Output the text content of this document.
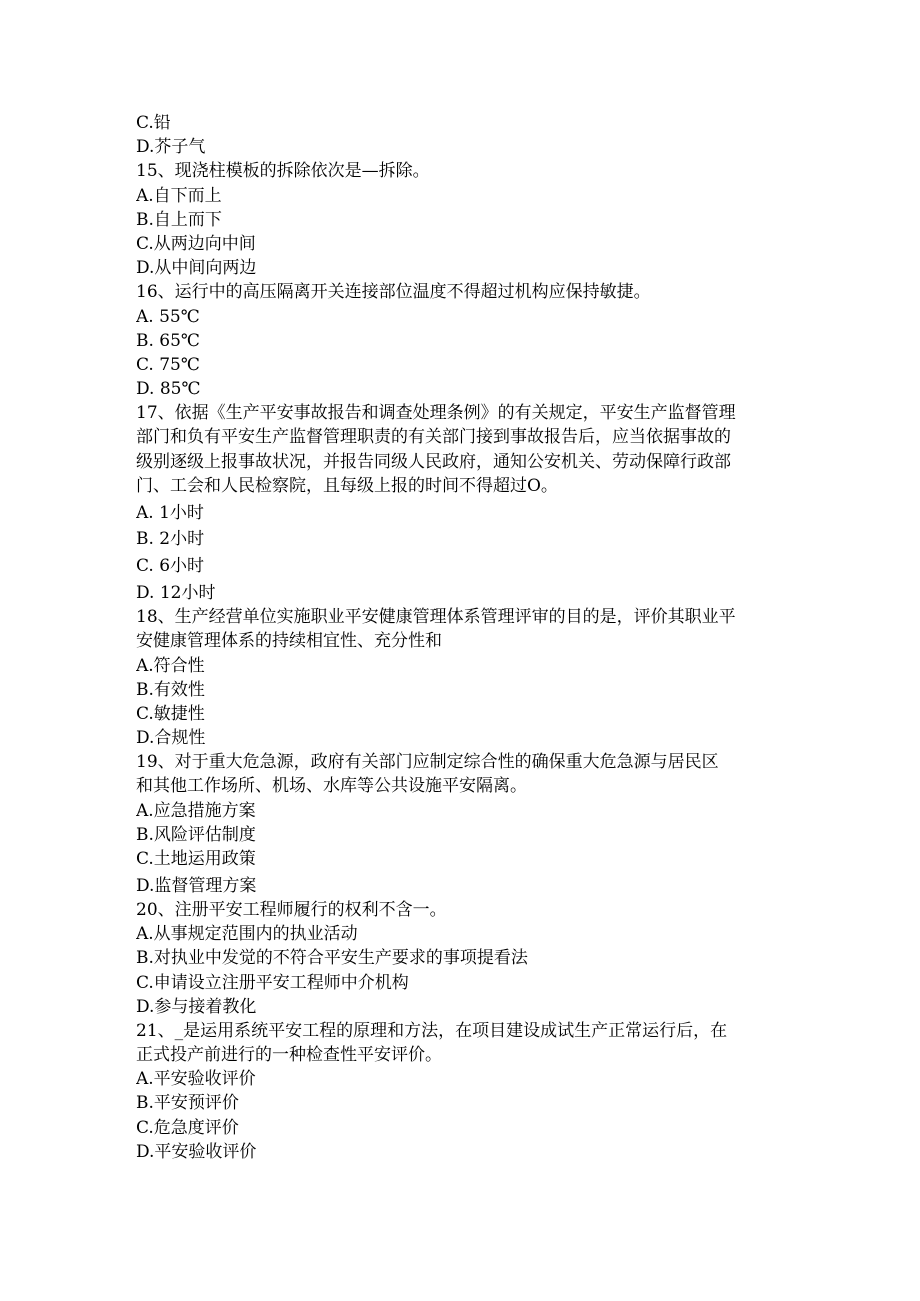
C.铅
D.芥子气
15、现浇柱模板的拆除依次是—拆除。
A.自下而上
B.自上而下
C.从两边向中间
D.从中间向两边
16、运行中的高压隔离开关连接部位温度不得超过机构应保持敏捷。
A. 55℃
B. 65℃
C. 75℃
D. 85℃
17、依据《生产平安事故报告和调查处理条例》的有关规定，平安生产监督管理
部门和负有平安生产监督管理职责的有关部门接到事故报告后，应当依据事故的
级别逐级上报事故状况，并报告同级人民政府，通知公安机关、劳动保障行政部
门、工会和人民检察院，且每级上报的时间不得超过O。
A. 1小时
B. 2小时
C. 6小时
D. 12小时
18、生产经营单位实施职业平安健康管理体系管理评审的目的是，评价其职业平
安健康管理体系的持续相宜性、充分性和
A.符合性
B.有效性
C.敏捷性
D.合规性
19、对于重大危急源，政府有关部门应制定综合性的确保重大危急源与居民区
和其他工作场所、机场、水库等公共设施平安隔离。
A.应急措施方案
B.风险评估制度
C.土地运用政策
D.监督管理方案
20、注册平安工程师履行的权利不含一。
A.从事规定范围内的执业活动
B.对执业中发觉的不符合平安生产要求的事项提看法
C.申请设立注册平安工程师中介机构
D.参与接着教化
21、_是运用系统平安工程的原理和方法，在项目建设成试生产正常运行后，在
正式投产前进行的一种检查性平安评价。
A.平安验收评价
B.平安预评价
C.危急度评价
D.平安验收评价
